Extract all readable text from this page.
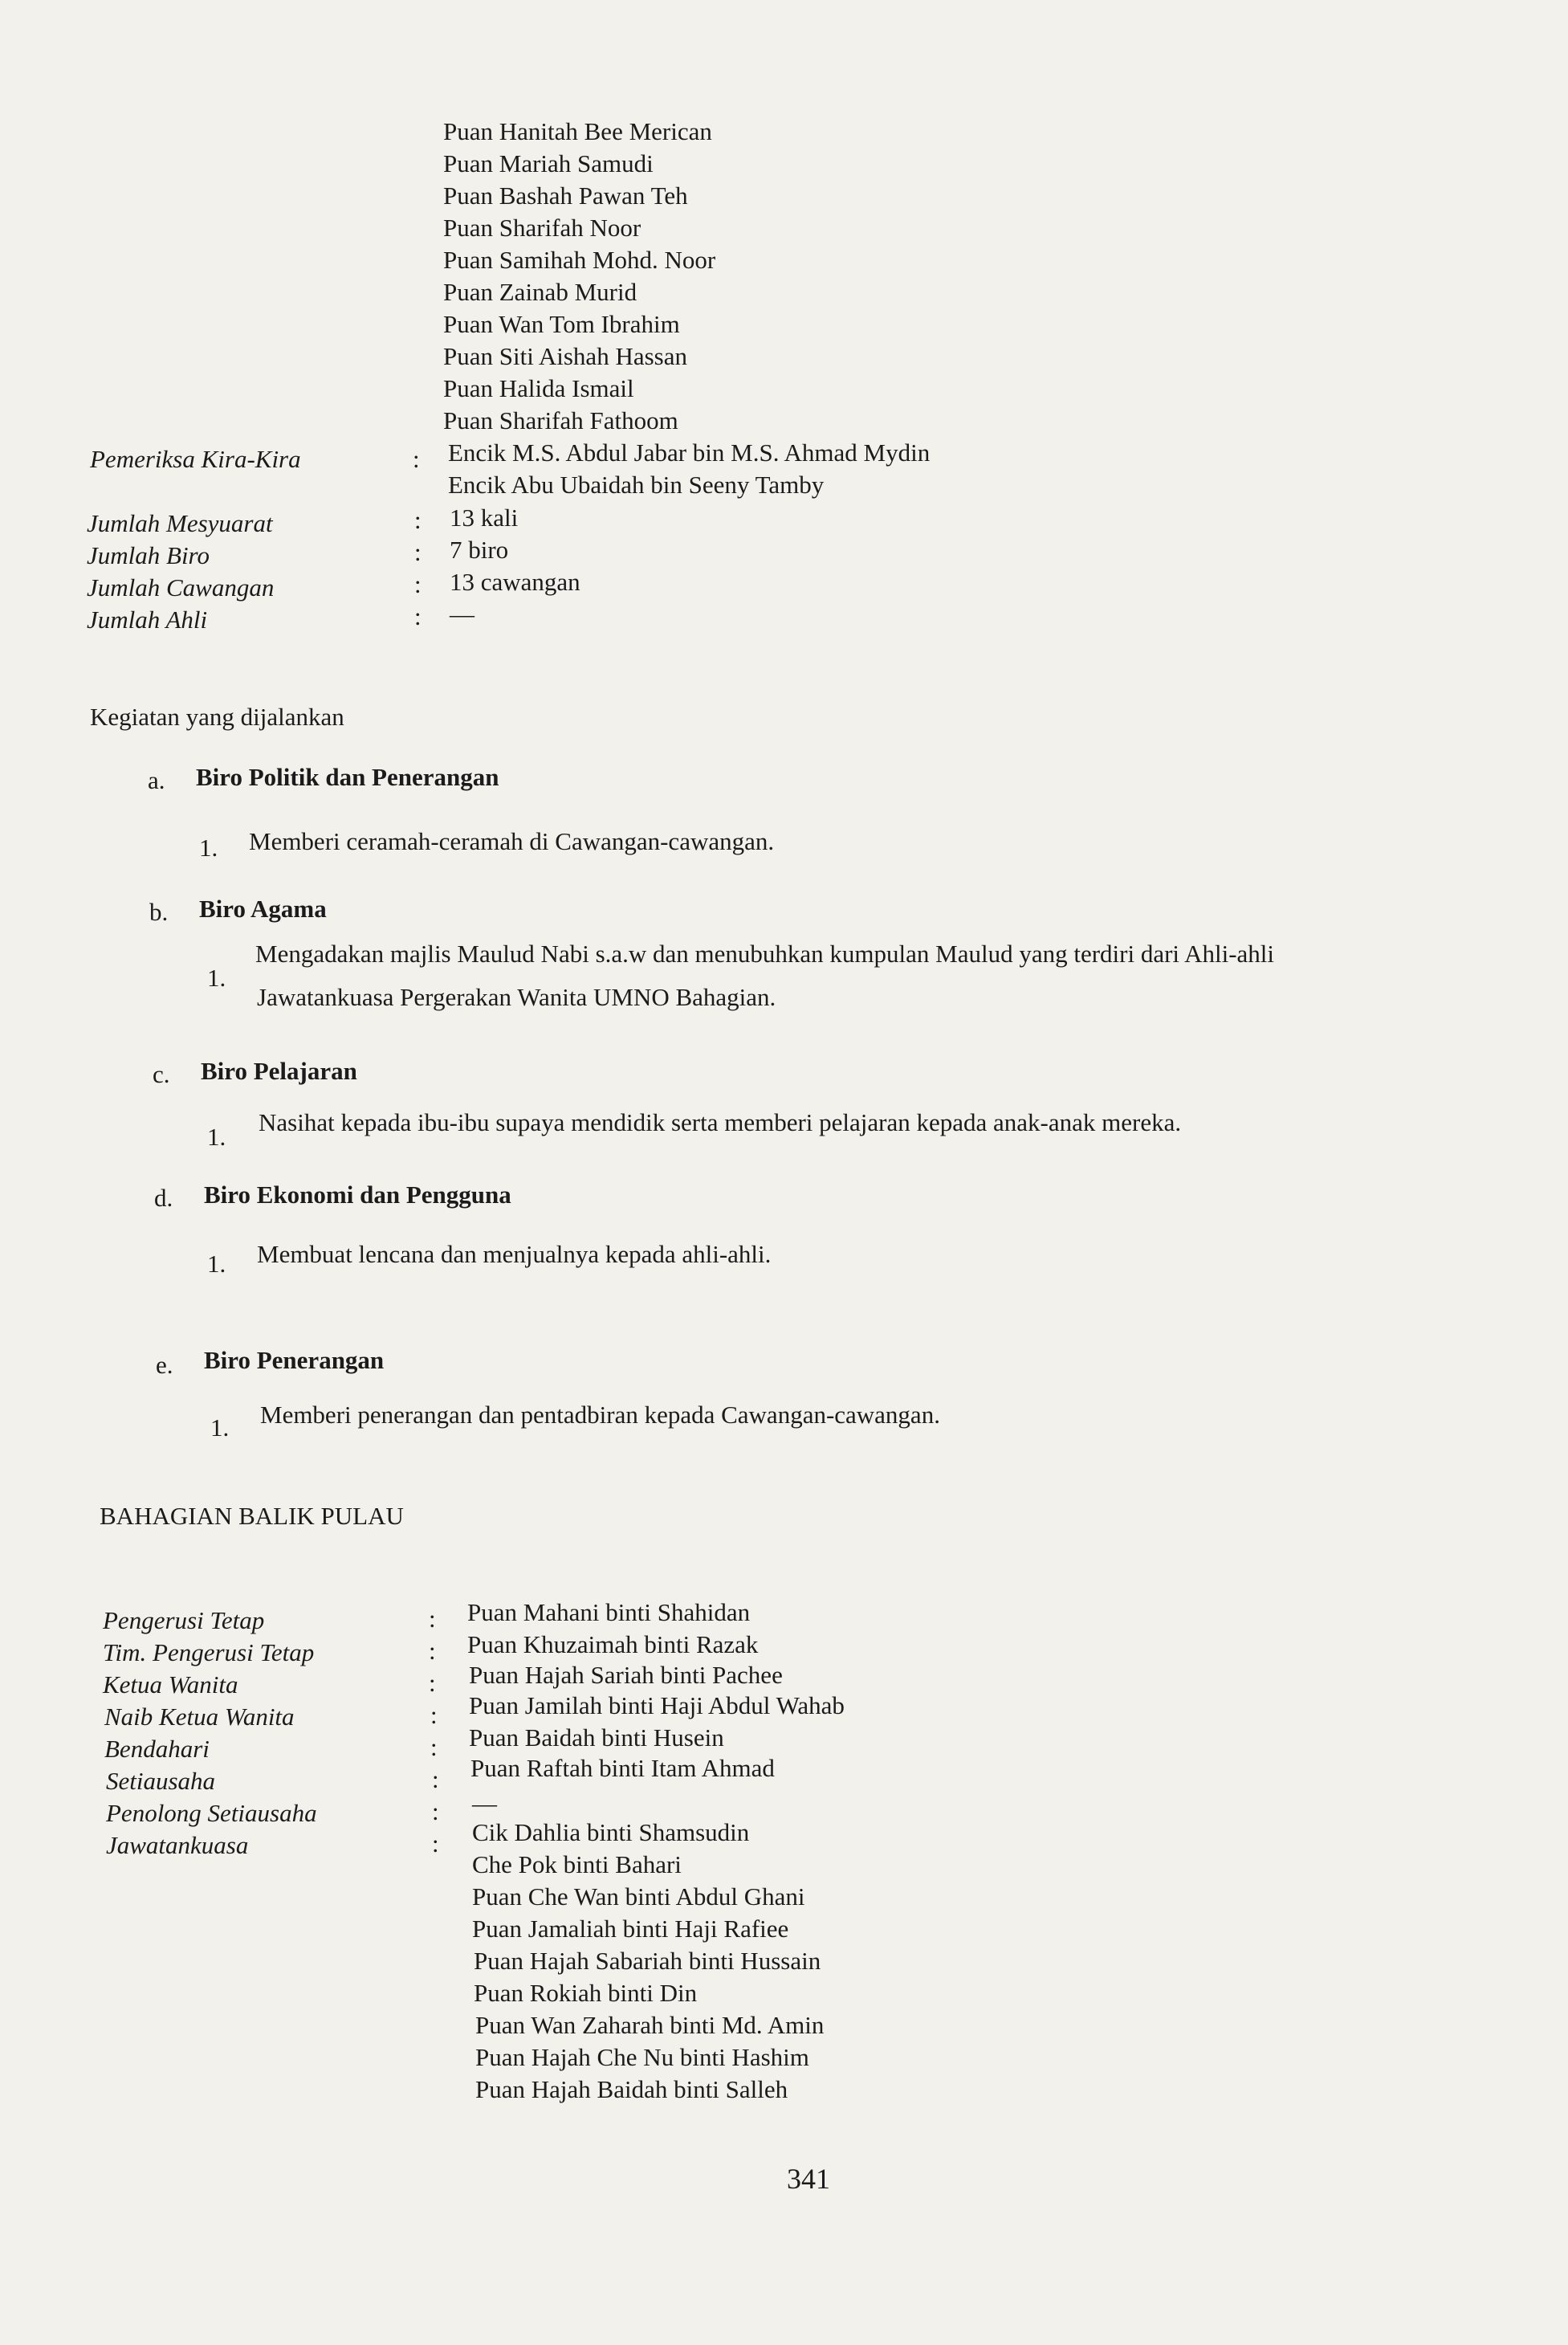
Puan Hanitah Bee Merican
Puan Mariah Samudi
Puan Bashah Pawan Teh
Puan Sharifah Noor
Puan Samihah Mohd. Noor
Puan Zainab Murid
Puan Wan Tom Ibrahim
Puan Siti Aishah Hassan
Puan Halida Ismail
Puan Sharifah Fathoom
Pemeriksa Kira-Kira	: Encik M.S. Abdul Jabar bin M.S. Ahmad Mydin
Encik Abu Ubaidah bin Seeny Tamby
Jumlah Mesyuarat	: 13 kali
Jumlah Biro	: 7 biro
Jumlah Cawangan	: 13 cawangan
Jumlah Ahli	: —
Kegiatan yang dijalankan
a. Biro Politik dan Penerangan
1. Memberi ceramah-ceramah di Cawangan-cawangan.
b. Biro Agama
1.
Mengadakan majlis Maulud Nabi s.a.w dan menubuhkan kumpulan Maulud yang terdiri dari Ahli-ahli
Jawatankuasa Pergerakan Wanita UMNO Bahagian.
c. Biro Pelajaran
1.
Nasihat kepada ibu-ibu supaya mendidik serta memberi pelajaran kepada anak-anak mereka.
d. Biro Ekonomi dan Pengguna
1. Membuat lencana dan menjualnya kepada ahli-ahli.
e. Biro Penerangan
1. Memberi penerangan dan pentadbiran kepada Cawangan-cawangan.
BAHAGIAN BALIK PULAU
Pengerusi Tetap	: Puan Mahani binti Shahidan
Tim. Pengerusi Tetap	: Puan Khuzaimah binti Razak
Ketua Wanita	: Puan Hajah Sariah binti Pachee
Naib Ketua Wanita	: Puan Jamilah binti Haji Abdul Wahab
Bendahari	: Puan Baidah binti Husein
Setiausaha	: Puan Raftah binti Itam Ahmad
Penolong Setiausaha	: —
Jawatankuasa	: Cik Dahlia binti Shamsudin
Che Pok binti Bahari
Puan Che Wan binti Abdul Ghani
Puan Jamaliah binti Haji Rafiee
Puan Hajah Sabariah binti Hussain
Puan Rokiah binti Din
Puan Wan Zaharah binti Md. Amin
Puan Hajah Che Nu binti Hashim
Puan Hajah Baidah binti Salleh
341
